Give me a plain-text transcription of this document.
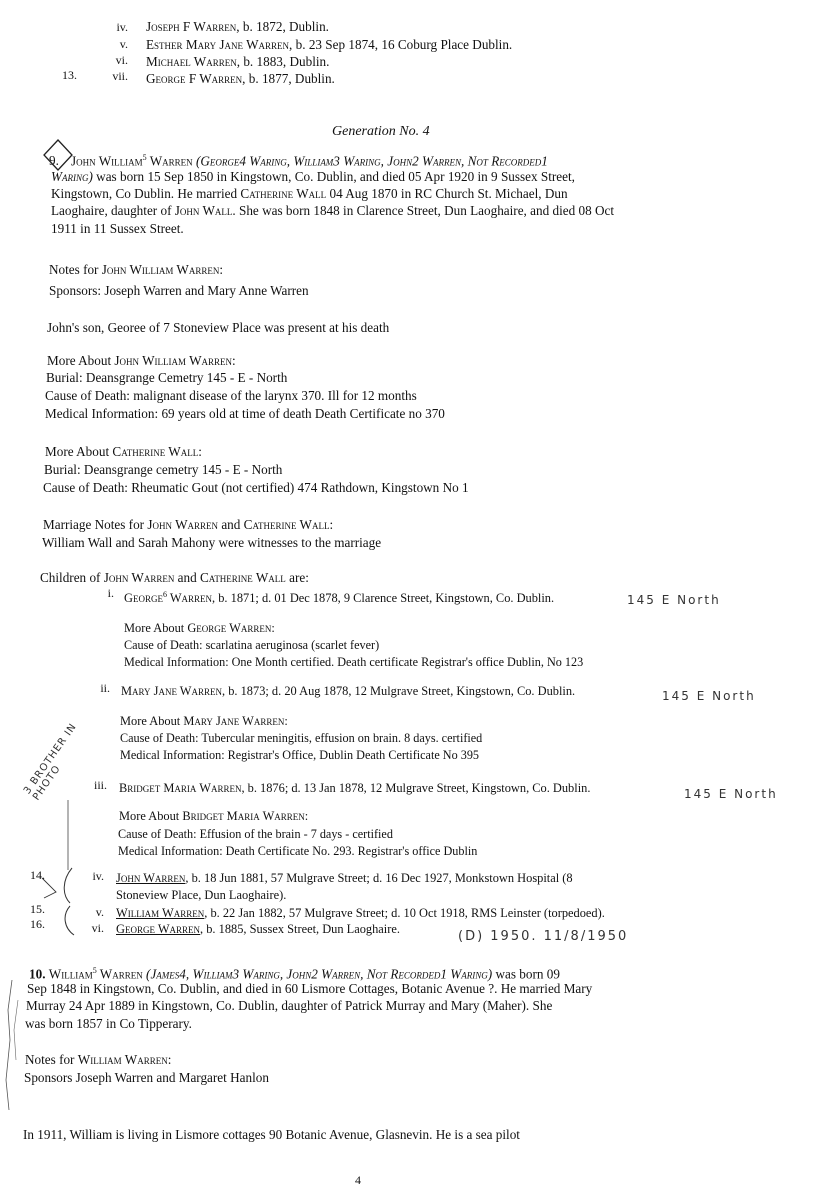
iv. Joseph F Warren, b. 1872, Dublin.
v. Esther Mary Jane Warren, b. 23 Sep 1874, 16 Coburg Place Dublin.
vi. Michael Warren, b. 1883, Dublin.
13.	vii. George F Warren, b. 1877, Dublin.
Generation No. 4
9. John William$^5$ Warren (George4 Waring, William3 Waring, John2 Warren, Not Recorded1
Waring) was born 15 Sep 1850 in Kingstown, Co. Dublin, and died 05 Apr 1920 in 9 Sussex Street,
Kingstown, Co Dublin. He married Catherine Wall 04 Aug 1870 in RC Church St. Michael, Dun
Laoghaire, daughter of John Wall. She was born 1848 in Clarence Street, Dun Laoghaire, and died 08 Oct
1911 in 11 Sussex Street.
Notes for John William Warren:
Sponsors: Joseph Warren and Mary Anne Warren
John's son, Georee of 7 Stoneview Place was present at his death
More About John William Warren:
Burial: Deansgrange Cemetry 145 - E - North
Cause of Death: malignant disease of the larynx 370. Ill for 12 months
Medical Information: 69 years old at time of death Death Certificate no 370
More About Catherine Wall:
Burial: Deansgrange cemetry 145 - E - North
Cause of Death: Rheumatic Gout (not certified) 474 Rathdown, Kingstown No 1
Marriage Notes for John Warren and Catherine Wall:
William Wall and Sarah Mahony were witnesses to the marriage
Children of John Warren and Catherine Wall are:
i. George$^6$ Warren, b. 1871; d. 01 Dec 1878, 9 Clarence Street, Kingstown, Co. Dublin.	145 E North
More About George Warren:
Cause of Death: scarlatina aeruginosa (scarlet fever)
Medical Information: One Month certified. Death certificate Registrar's office Dublin, No 123
ii. Mary Jane Warren, b. 1873; d. 20 Aug 1878, 12 Mulgrave Street, Kingstown, Co. Dublin.	145 E North
More About Mary Jane Warren:
Cause of Death: Tubercular meningitis, effusion on brain. 8 days. certified
Medical Information: Registrar's Office, Dublin Death Certificate No 395
iii. Bridget Maria Warren, b. 1876; d. 13 Jan 1878, 12 Mulgrave Street, Kingstown, Co. Dublin.	145 E North
More About Bridget Maria Warren:
Cause of Death: Effusion of the brain - 7 days - certified
Medical Information: Death Certificate No. 293. Registrar's office Dublin
14.	iv. John Warren, b. 18 Jun 1881, 57 Mulgrave Street; d. 16 Dec 1927, Monkstown Hospital (8
Stoneview Place, Dun Laoghaire).
15.	v. William Warren, b. 22 Jan 1882, 57 Mulgrave Street; d. 10 Oct 1918, RMS Leinster (torpedoed).
16.	vi. George Warren, b. 1885, Sussex Street, Dun Laoghaire.	(D) 1950. 11/8/1950
3 BROTHER IN PHOTO
10. William$^5$ Warren (James4, William3 Waring, John2 Warren, Not Recorded1 Waring) was born 09
Sep 1848 in Kingstown, Co. Dublin, and died in 60 Lismore Cottages, Botanic Avenue ?. He married Mary
Murray 24 Apr 1889 in Kingstown, Co. Dublin, daughter of Patrick Murray and Mary (Maher). She
was born 1857 in Co Tipperary.
Notes for William Warren:
Sponsors Joseph Warren and Margaret Hanlon
In 1911, William is living in Lismore cottages 90 Botanic Avenue, Glasnevin. He is a sea pilot
4
